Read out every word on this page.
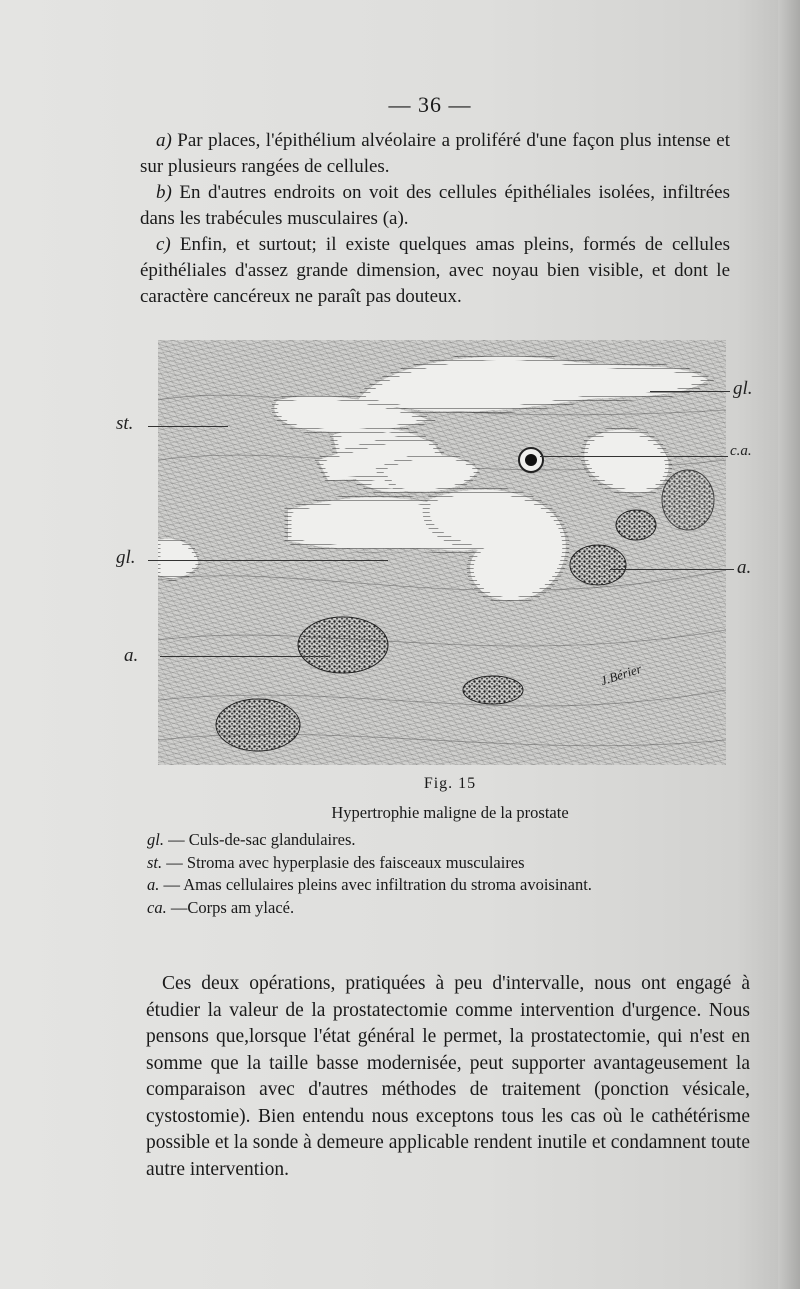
— 36 —

a) Par places, l'épithélium alvéolaire a proliféré d'une façon plus intense et sur plusieurs rangées de cellules.

b) En d'autres endroits on voit des cellules épithéliales isolées, infiltrées dans les trabécules musculaires (a).

c) Enfin, et surtout; il existe quelques amas pleins, formés de cellules épithéliales d'assez grande dimension, avec noyau bien visible, et dont le caractère cancéreux ne paraît pas douteux.

st.
gl.
a.
gl.
c.a.
a.
J.Bérier
Fig. 15
Hypertrophie maligne de la prostate
gl. — Culs-de-sac glandulaires.
st. — Stroma avec hyperplasie des faisceaux musculaires
a. — Amas cellulaires pleins avec infiltration du stroma avoisinant.
ca. —Corps am ylacé.

Ces deux opérations, pratiquées à peu d'intervalle, nous ont engagé à étudier la valeur de la prostatectomie comme intervention d'urgence. Nous pensons que,lorsque l'état général le permet, la prostatectomie, qui n'est en somme que la taille basse modernisée, peut supporter avantageusement la comparaison avec d'autres méthodes de traitement (ponction vésicale, cystostomie). Bien entendu nous exceptons tous les cas où le cathétérisme possible et la sonde à demeure applicable rendent inutile et condamnent toute autre intervention.
